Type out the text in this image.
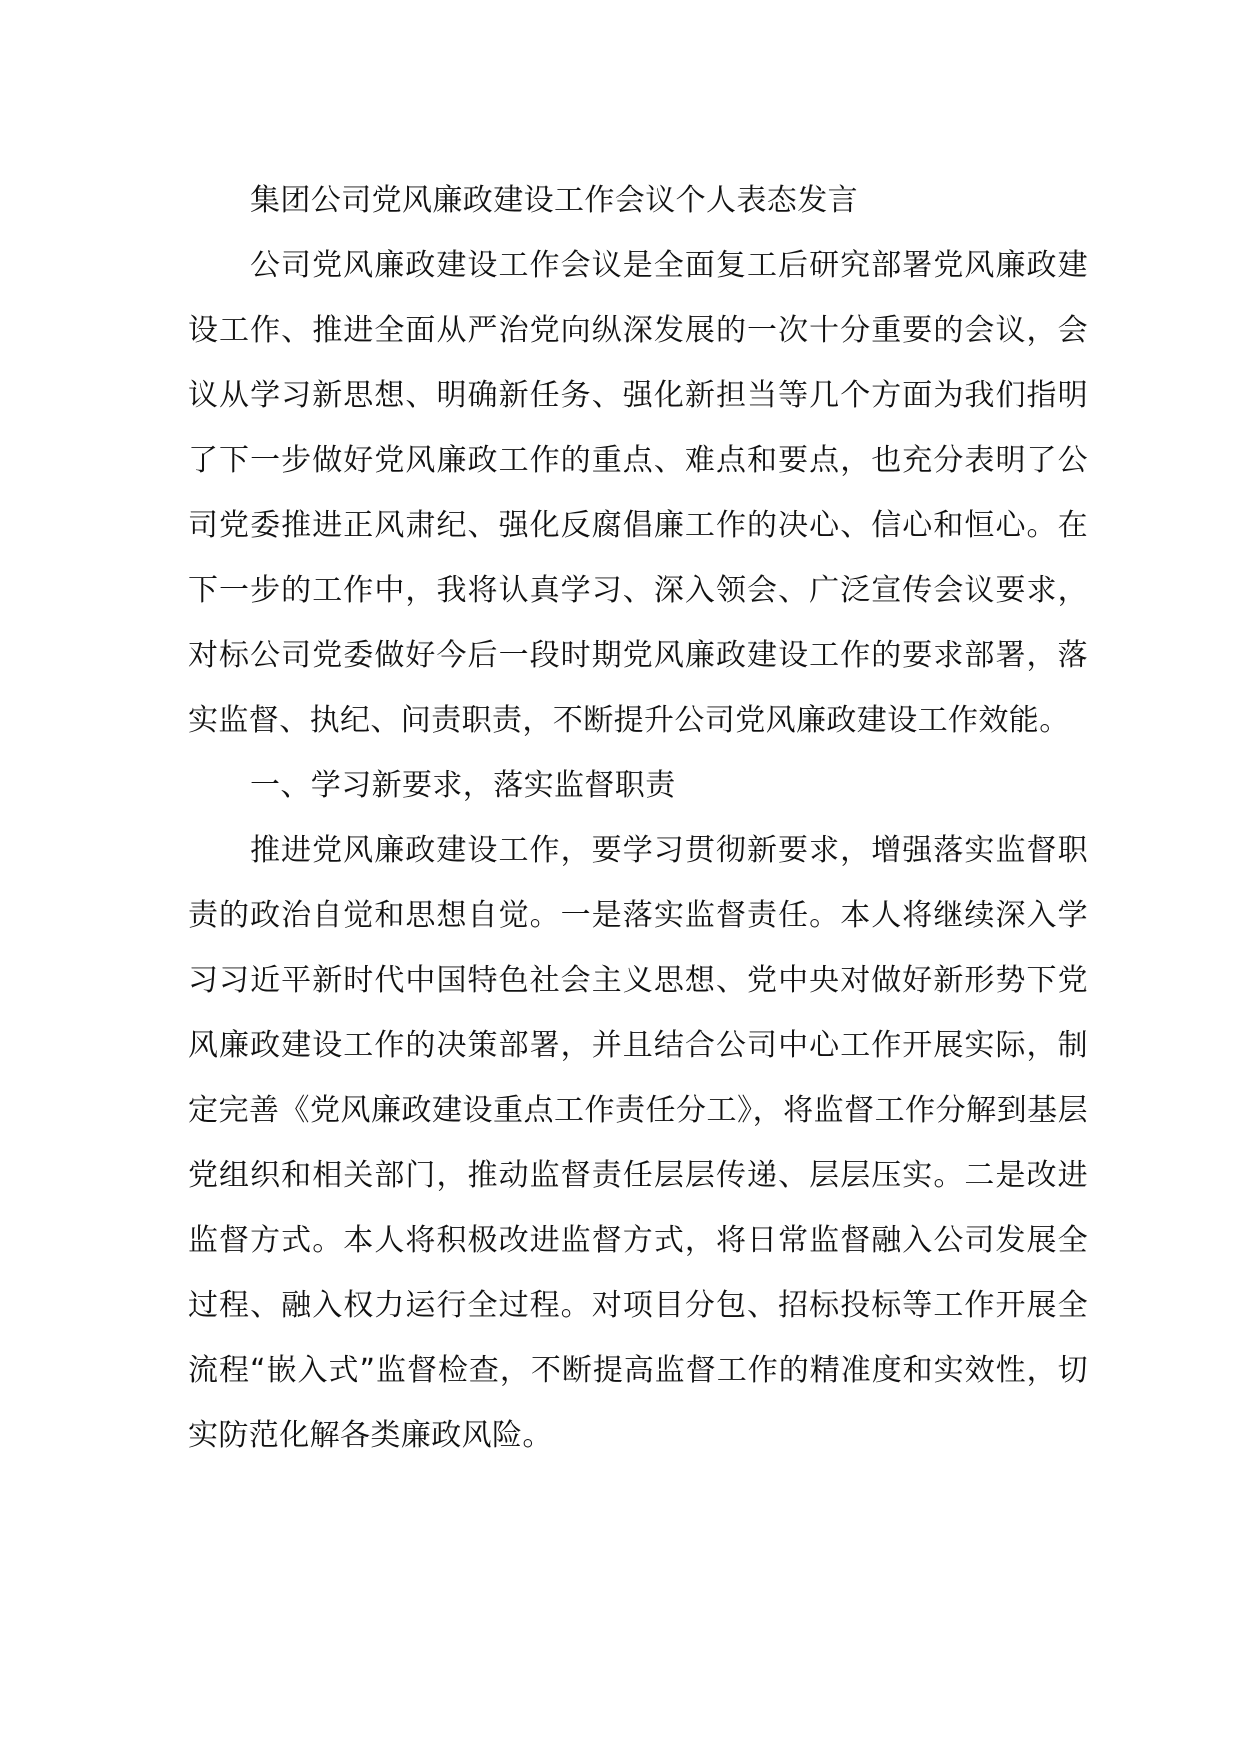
集团公司党风廉政建设工作会议个人表态发言

公司党风廉政建设工作会议是全面复工后研究部署党风廉政建设工作、推进全面从严治党向纵深发展的一次十分重要的会议，会议从学习新思想、明确新任务、强化新担当等几个方面为我们指明了下一步做好党风廉政工作的重点、难点和要点，也充分表明了公司党委推进正风肃纪、强化反腐倡廉工作的决心、信心和恒心。在下一步的工作中，我将认真学习、深入领会、广泛宣传会议要求，对标公司党委做好今后一段时期党风廉政建设工作的要求部署，落实监督、执纪、问责职责，不断提升公司党风廉政建设工作效能。

一、学习新要求，落实监督职责

推进党风廉政建设工作，要学习贯彻新要求，增强落实监督职责的政治自觉和思想自觉。一是落实监督责任。本人将继续深入学习习近平新时代中国特色社会主义思想、党中央对做好新形势下党风廉政建设工作的决策部署，并且结合公司中心工作开展实际，制定完善《党风廉政建设重点工作责任分工》，将监督工作分解到基层党组织和相关部门，推动监督责任层层传递、层层压实。二是改进监督方式。本人将积极改进监督方式，将日常监督融入公司发展全过程、融入权力运行全过程。对项目分包、招标投标等工作开展全流程“嵌入式”监督检查，不断提高监督工作的精准度和实效性，切实防范化解各类廉政风险。
